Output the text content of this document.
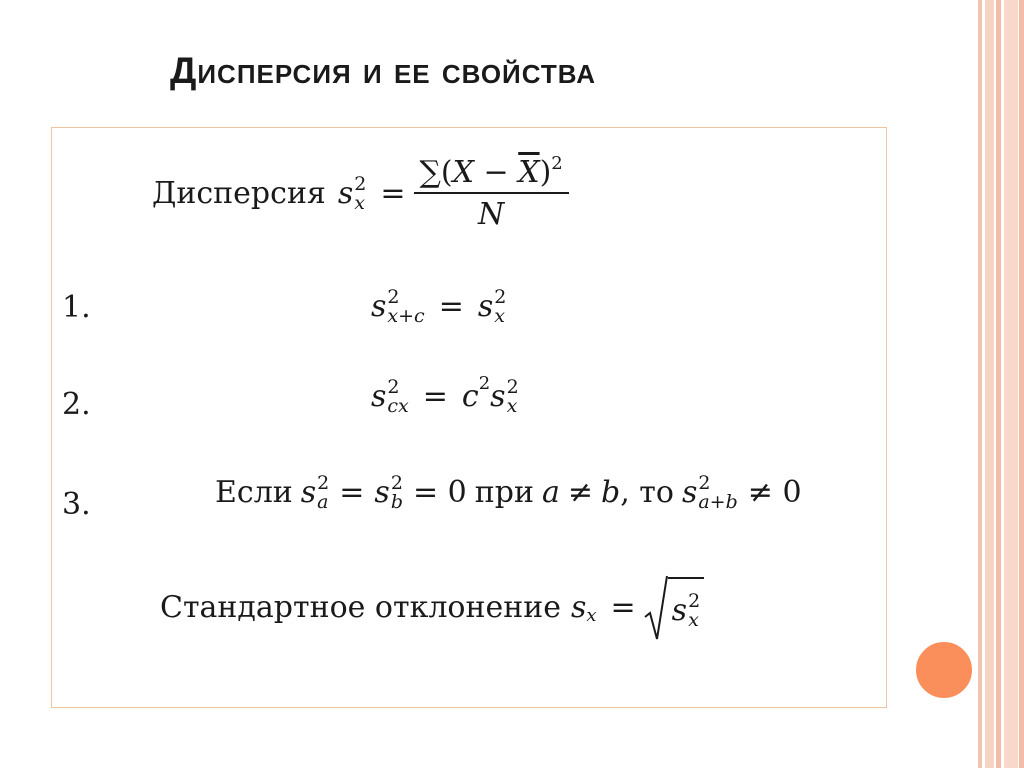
Дисперсия и ее свойства
Дисперсия s 2
$x = \frac{\sum(X - \overline{X})^2}{N}$
1.	s 2
x+c = s 2
x
2.	s 2
cx = c 2 s 2
x
3.	Если s 2
a = s 2
b = 0 при a ≠ b , то s 2
a+b ≠ 0
Стандартное отклонение s x = s 2
x
